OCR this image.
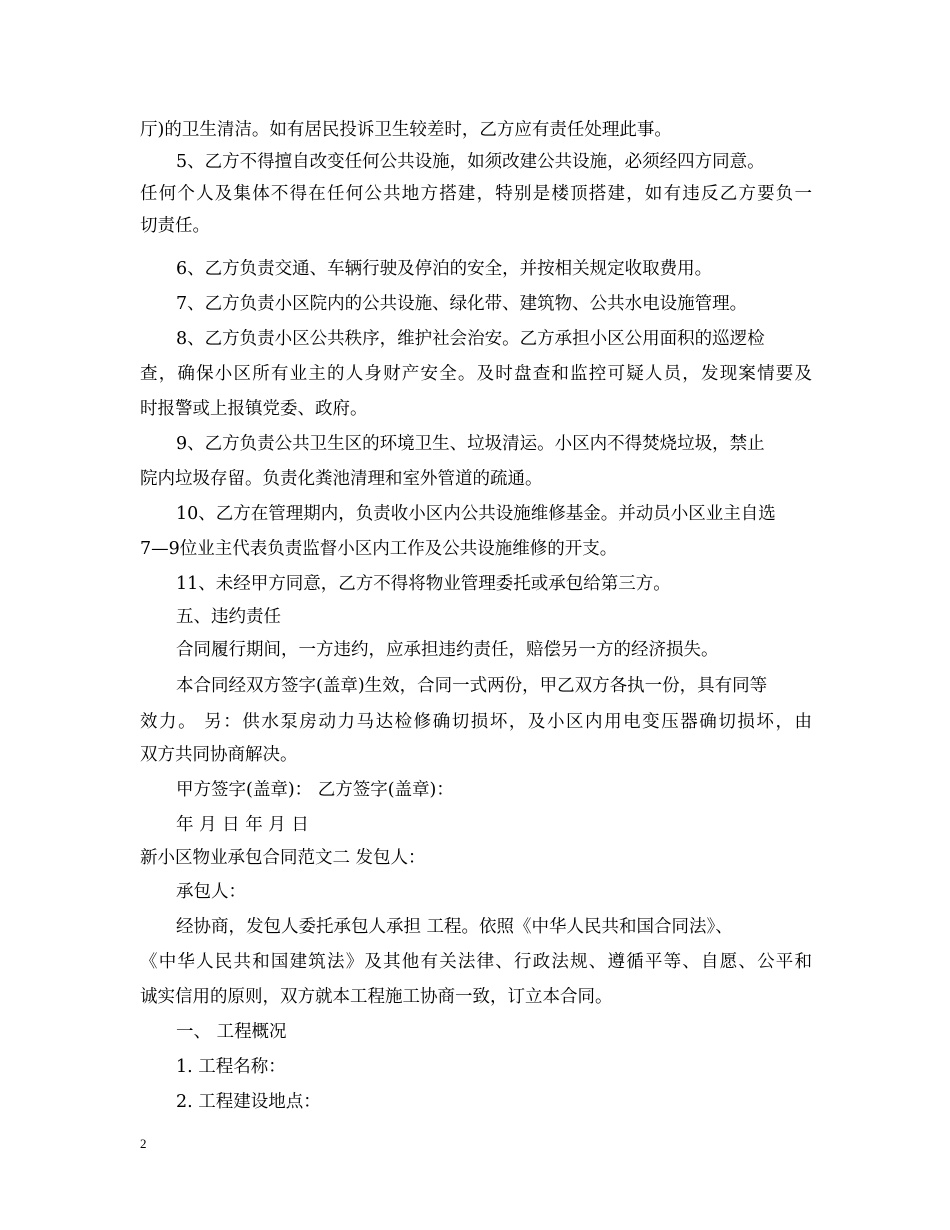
厅)的卫生清洁。如有居民投诉卫生较差时，乙方应有责任处理此事。
5、乙方不得擅自改变任何公共设施，如须改建公共设施，必须经四方同意。
任何个人及集体不得在任何公共地方搭建，特别是楼顶搭建，如有违反乙方要负一
切责任。
6、乙方负责交通、车辆行驶及停泊的安全，并按相关规定收取费用。
7、乙方负责小区院内的公共设施、绿化带、建筑物、公共水电设施管理。
8、乙方负责小区公共秩序，维护社会治安。乙方承担小区公用面积的巡逻检
查，确保小区所有业主的人身财产安全。及时盘查和监控可疑人员，发现案情要及
时报警或上报镇党委、政府。
9、乙方负责公共卫生区的环境卫生、垃圾清运。小区内不得焚烧垃圾，禁止
院内垃圾存留。负责化粪池清理和室外管道的疏通。
10、乙方在管理期内，负责收小区内公共设施维修基金。并动员小区业主自选
7—9位业主代表负责监督小区内工作及公共设施维修的开支。
11、未经甲方同意，乙方不得将物业管理委托或承包给第三方。
五、违约责任
合同履行期间，一方违约，应承担违约责任，赔偿另一方的经济损失。
本合同经双方签字(盖章)生效，合同一式两份，甲乙双方各执一份，具有同等
效力。 另：供水泵房动力马达检修确切损坏，及小区内用电变压器确切损坏，由
双方共同协商解决。
甲方签字(盖章)： 乙方签字(盖章)：
年 月 日 年 月 日
新小区物业承包合同范文二 发包人：
承包人：
经协商，发包人委托承包人承担 工程。依照《中华人民共和国合同法》、
《中华人民共和国建筑法》及其他有关法律、行政法规、遵循平等、自愿、公平和
诚实信用的原则，双方就本工程施工协商一致，订立本合同。
一、 工程概况
1. 工程名称：
2. 工程建设地点：
2
